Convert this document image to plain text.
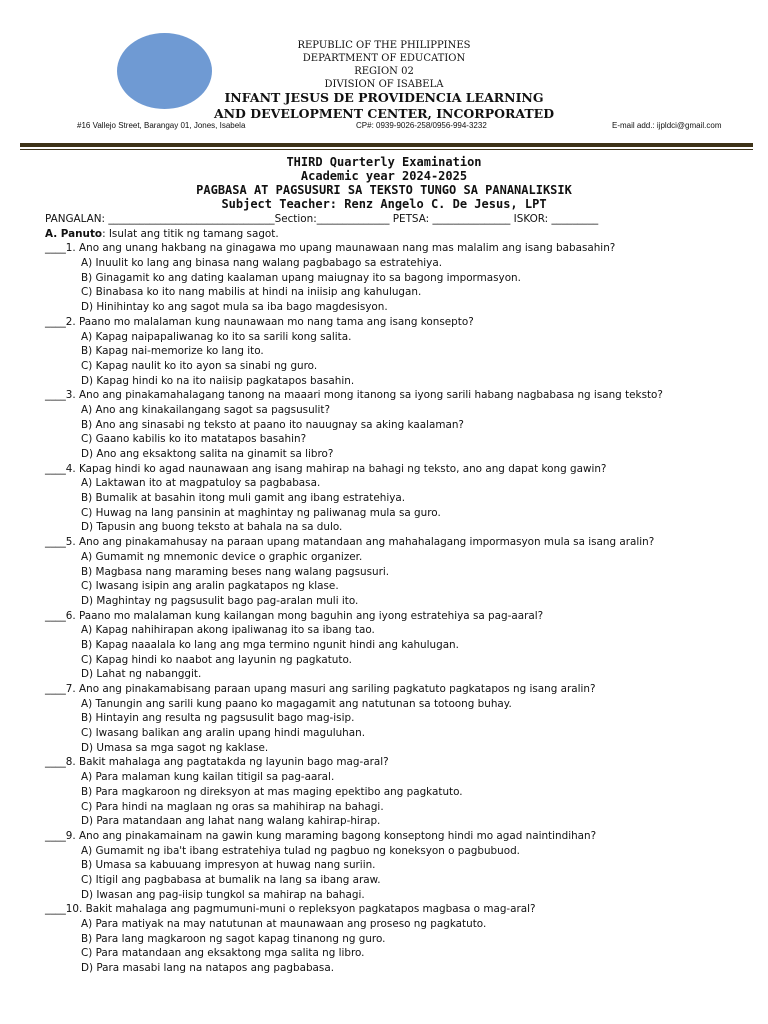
REPUBLIC OF THE PHILIPPINES
DEPARTMENT OF EDUCATION
REGION 02
DIVISION OF ISABELA
INFANT JESUS DE PROVIDENCIA LEARNING
AND DEVELOPMENT CENTER, INCORPORATED
#16 Vallejo Street, Barangay 01, Jones, Isabela	CP#: 0939-9026-258/0956-994-3232	E-mail add.: ijpldci@gmail.com
THIRD Quarterly Examination
Academic year 2024-2025
PAGBASA AT PAGSUSURI SA TEKSTO TUNGO SA PANANALIKSIK
Subject Teacher: Renz Angelo C. De Jesus, LPT
PANGALAN: ________________________________Section:______________ PETSA: _______________ ISKOR: _________
A. Panuto: Isulat ang titik ng tamang sagot.
____1. Ano ang unang hakbang na ginagawa mo upang maunawaan nang mas malalim ang isang babasahin?
A) Inuulit ko lang ang binasa nang walang pagbabago sa estratehiya.
B) Ginagamit ko ang dating kaalaman upang maiugnay ito sa bagong impormasyon.
C) Binabasa ko ito nang mabilis at hindi na iniisip ang kahulugan.
D) Hinihintay ko ang sagot mula sa iba bago magdesisyon.
____2. Paano mo malalaman kung naunawaan mo nang tama ang isang konsepto?
A) Kapag naipapaliwanag ko ito sa sarili kong salita.
B) Kapag nai-memorize ko lang ito.
C) Kapag naulit ko ito ayon sa sinabi ng guro.
D) Kapag hindi ko na ito naiisip pagkatapos basahin.
____3. Ano ang pinakamahalagang tanong na maaari mong itanong sa iyong sarili habang nagbabasa ng isang teksto?
A) Ano ang kinakailangang sagot sa pagsusulit?
B) Ano ang sinasabi ng teksto at paano ito nauugnay sa aking kaalaman?
C) Gaano kabilis ko ito matatapos basahin?
D) Ano ang eksaktong salita na ginamit sa libro?
____4. Kapag hindi ko agad naunawaan ang isang mahirap na bahagi ng teksto, ano ang dapat kong gawin?
A) Laktawan ito at magpatuloy sa pagbabasa.
B) Bumalik at basahin itong muli gamit ang ibang estratehiya.
C) Huwag na lang pansinin at maghintay ng paliwanag mula sa guro.
D) Tapusin ang buong teksto at bahala na sa dulo.
____5. Ano ang pinakamahusay na paraan upang matandaan ang mahahalagang impormasyon mula sa isang aralin?
A) Gumamit ng mnemonic device o graphic organizer.
B) Magbasa nang maraming beses nang walang pagsusuri.
C) Iwasang isipin ang aralin pagkatapos ng klase.
D) Maghintay ng pagsusulit bago pag-aralan muli ito.
____6. Paano mo malalaman kung kailangan mong baguhin ang iyong estratehiya sa pag-aaral?
A) Kapag nahihirapan akong ipaliwanag ito sa ibang tao.
B) Kapag naaalala ko lang ang mga termino ngunit hindi ang kahulugan.
C) Kapag hindi ko naabot ang layunin ng pagkatuto.
D) Lahat ng nabanggit.
____7. Ano ang pinakamabisang paraan upang masuri ang sariling pagkatuto pagkatapos ng isang aralin?
A) Tanungin ang sarili kung paano ko magagamit ang natutunan sa totoong buhay.
B) Hintayin ang resulta ng pagsusulit bago mag-isip.
C) Iwasang balikan ang aralin upang hindi maguluhan.
D) Umasa sa mga sagot ng kaklase.
____8. Bakit mahalaga ang pagtatakda ng layunin bago mag-aral?
A) Para malaman kung kailan titigil sa pag-aaral.
B) Para magkaroon ng direksyon at mas maging epektibo ang pagkatuto.
C) Para hindi na maglaan ng oras sa mahihirap na bahagi.
D) Para matandaan ang lahat nang walang kahirap-hirap.
____9. Ano ang pinakamainam na gawin kung maraming bagong konseptong hindi mo agad naintindihan?
A) Gumamit ng iba't ibang estratehiya tulad ng pagbuo ng koneksyon o pagbubuod.
B) Umasa sa kabuuang impresyon at huwag nang suriin.
C) Itigil ang pagbabasa at bumalik na lang sa ibang araw.
D) Iwasan ang pag-iisip tungkol sa mahirap na bahagi.
____10. Bakit mahalaga ang pagmumuni-muni o repleksyon pagkatapos magbasa o mag-aral?
A) Para matiyak na may natutunan at maunawaan ang proseso ng pagkatuto.
B) Para lang magkaroon ng sagot kapag tinanong ng guro.
C) Para matandaan ang eksaktong mga salita ng libro.
D) Para masabi lang na natapos ang pagbabasa.
